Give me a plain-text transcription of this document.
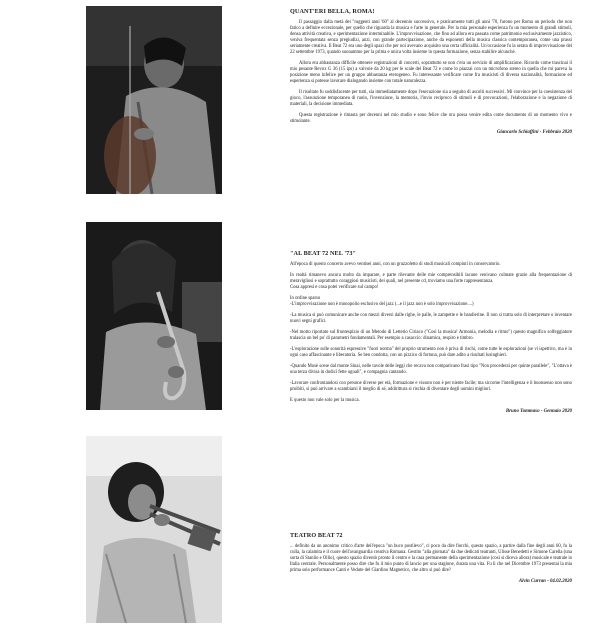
QUANT'ERI BELLA, ROMA!

Il passaggio dalla metà dei "ruggenti anni '60" al decennio successivo, e praticamente tutti gli anni '70, furono per Roma un periodo che non fatico a definire eccezionale, per quello che riguarda la musica e l'arte in generale. Per la mia personale esperienza fu un momento di grandi stimoli, densa attività creativa, e sperimentazione interminabile. L'improvvisazione, che fino ad allora era passata come patrimonio esclusivamente jazzistico, veniva frequentata senza pregiudizi, anzi, con grande partecipazione, anche da esponenti della musica classica contemporanea, come una prassi seriamente creativa. Il Beat 72 era uno degli spazi che per noi avevano acquisito una certa ufficialità. Un'occasione fu la serata di improvvisazione del 22 settembre 1973, quando suonammo per la prima e unica volta insieme in questa formazione, senza stabilire alcunché.

Allora era abbastanza difficile ottenere registrazioni di concerti, soprattutto se non c'era un servizio di amplificazione. Ricordo come trascinai il mio pesante Revox G 36 (15 ips) a valvole da 20 kg per le scale del Beat 72 e come lo piazzai con un microfono stereo in quella che mi pareva la posizione meno infelice per un gruppo abbastanza eterogeneo. Fu interessante verificare come fra musicisti di diversa nazionalità, formazione ed esperienza si potesse lavorare dialogando insieme con totale naturalezza.

Il risultato fu soddisfacente per tutti, sia immediatamente dopo l'esecuzione sia a seguito di ascolti successivi. Mi convince per la coesistenza del gioco, l'assunzione temporanea di ruolo, l'invenzione, la memoria, l'invio reciproco di stimoli e di provocazioni, l'elaborazione e la negazione di materiali, la decisione immediata.

Questa registrazione è rimasta per decenni nel mio studio e sono felice che ora possa venire edita come documento di un momento vivo e stimolante.

Giancarlo Schiaffini - Febbraio 2020
"AL BEAT 72 NEL '73"

All'epoca di questo concerto avevo ventisei anni, con un gruzzoletto di studi musicali compiuti in conservatorio.

In realtà rimanevo ancora molto da imparare, e parte rilevante delle mie comprensibili lacune venivano colmate grazie alla frequentazione di meravigliosi e soprattutto coraggiosi musicisti, dei quali, nel presente cd, troviamo una forte rappresentanza.

Cosa appresi e cosa potei verificare sul campo!

In ordine sparso

-L'improvvisazione non è monopolio esclusivo del jazz (...e il jazz non è solo improvvisazione....)

-La musica si può comunicare anche con mezzi diversi dalle righe, le palle, le zampette e le bandierine. Il non si tratta solo di interpretare o inventare nuovi segni grafici.

-Nel motto riportato sul frontespizio di un Metodo di Letterio Ciriaco ("Così la musica! Armonia, melodia e ritmo") questo magnifico solfeggiatore tralascia un bel po' di parametri fondamentali. Per esempio a casaccio: dinamica, respiro e timbro.

-L'esplorazione sulle sonorità espressive "fuori norma" del proprio strumento non è priva di rischi, come tutte le esplorazioni (se vi ispettivo, ma è in ogni caso affascinante e liberatoria. Se ben condotta, con un pizzico di fortuna, può dare adito a risultati lusinghieri.

-Quando Mosè scese dal monte Sinai, nelle tavole delle leggi che recava non comparivano frasi tipo "Non procederai per quinte parallele", "L'ottava è una terza divisa in dodici fette uguali", e compagnia cantando.

-Lavorare confrontandosi con persone diverse per età, formazione e vissuto non è per niente facile; ma siccome l'intelligenza e il buonsenso non sono proibiti, si può arrivare a scambiarsi il meglio di sé, addirittura si rischia di diventare degli uomini migliori.

E questo non vale solo per la musica.

Bruno Tommaso - Gennaio 2020
TEATRO BEAT 72

... definito da un anonimo critico d'arte dell'epoca "un buco postilevo", ci poco da dire fiorchi, questo spazio, a partire dalla fine degli anni 60, fu la culla, la calamita e il cuore dell'avanguardia creativa Romana. Gestito "alla giornata" da due dedicati teatranti, Ulisse Benedetti e Simone Carella (una sorta di Stanlio e Ollio), questo spazio diventò pronto il centro e la casa permanente della sperimentazione (così si diceva allora) musicale e teatrale in Italia centrale. Personalmente posso dire che fu il mio punto di lancio per una stagione, durata una vita. Fu lì che nel Dicembre 1973 presentai la mia prima solo performance Canti e Vedute del Giardino Magnetico, che altro si può dire?

Alvin Curran - 04.02.2020
